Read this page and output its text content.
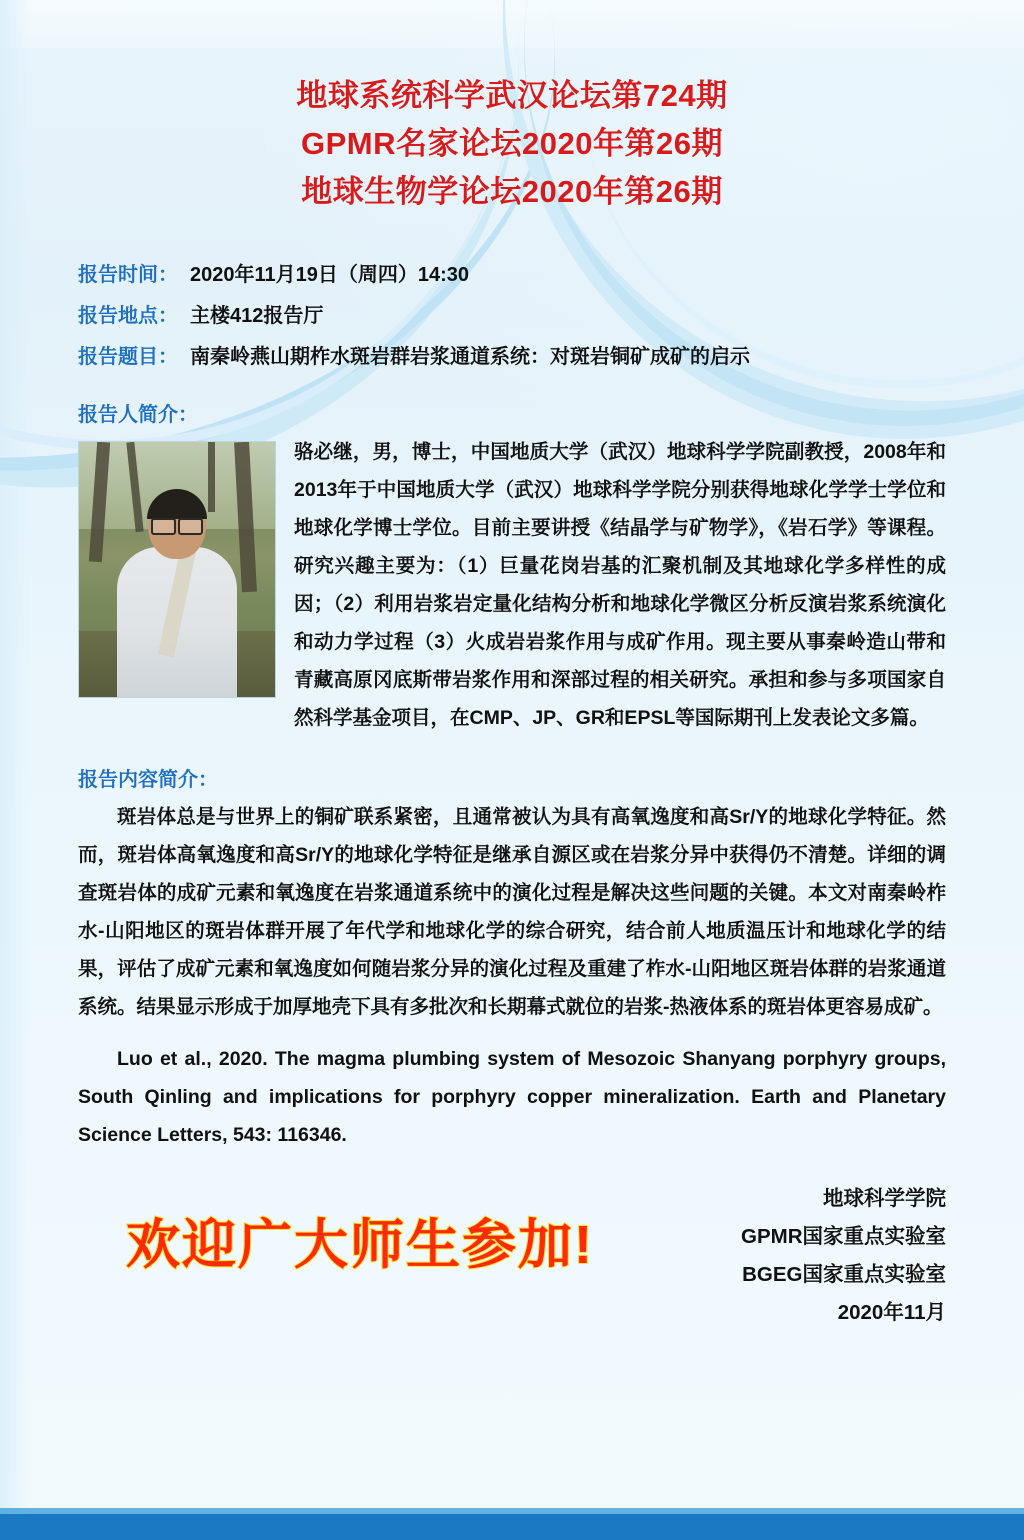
地球系统科学武汉论坛第724期
GPMR名家论坛2020年第26期
地球生物学论坛2020年第26期
报告时间： 2020年11月19日（周四）14:30
报告地点： 主楼412报告厅
报告题目： 南秦岭燕山期柞水斑岩群岩浆通道系统：对斑岩铜矿成矿的启示
报告人简介：
骆必继，男，博士，中国地质大学（武汉）地球科学学院副教授，2008年和2013年于中国地质大学（武汉）地球科学学院分别获得地球化学学士学位和地球化学博士学位。目前主要讲授《结晶学与矿物学》，《岩石学》等课程。研究兴趣主要为：（1）巨量花岗岩基的汇聚机制及其地球化学多样性的成因；（2）利用岩浆岩定量化结构分析和地球化学微区分析反演岩浆系统演化和动力学过程（3）火成岩岩浆作用与成矿作用。现主要从事秦岭造山带和青藏高原冈底斯带岩浆作用和深部过程的相关研究。承担和参与多项国家自然科学基金项目，在CMP、JP、GR和EPSL等国际期刊上发表论文多篇。
报告内容简介：

斑岩体总是与世界上的铜矿联系紧密，且通常被认为具有高氧逸度和高Sr/Y的地球化学特征。然而，斑岩体高氧逸度和高Sr/Y的地球化学特征是继承自源区或在岩浆分异中获得仍不清楚。详细的调查斑岩体的成矿元素和氧逸度在岩浆通道系统中的演化过程是解决这些问题的关键。本文对南秦岭柞水-山阳地区的斑岩体群开展了年代学和地球化学的综合研究，结合前人地质温压计和地球化学的结果，评估了成矿元素和氧逸度如何随岩浆分异的演化过程及重建了柞水-山阳地区斑岩体群的岩浆通道系统。结果显示形成于加厚地壳下具有多批次和长期幕式就位的岩浆-热液体系的斑岩体更容易成矿。

Luo et al., 2020. The magma plumbing system of Mesozoic Shanyang porphyry groups, South Qinling and implications for porphyry copper mineralization. Earth and Planetary Science Letters, 543: 116346.
欢迎广大师生参加!
地球科学学院
GPMR国家重点实验室
BGEG国家重点实验室
2020年11月
